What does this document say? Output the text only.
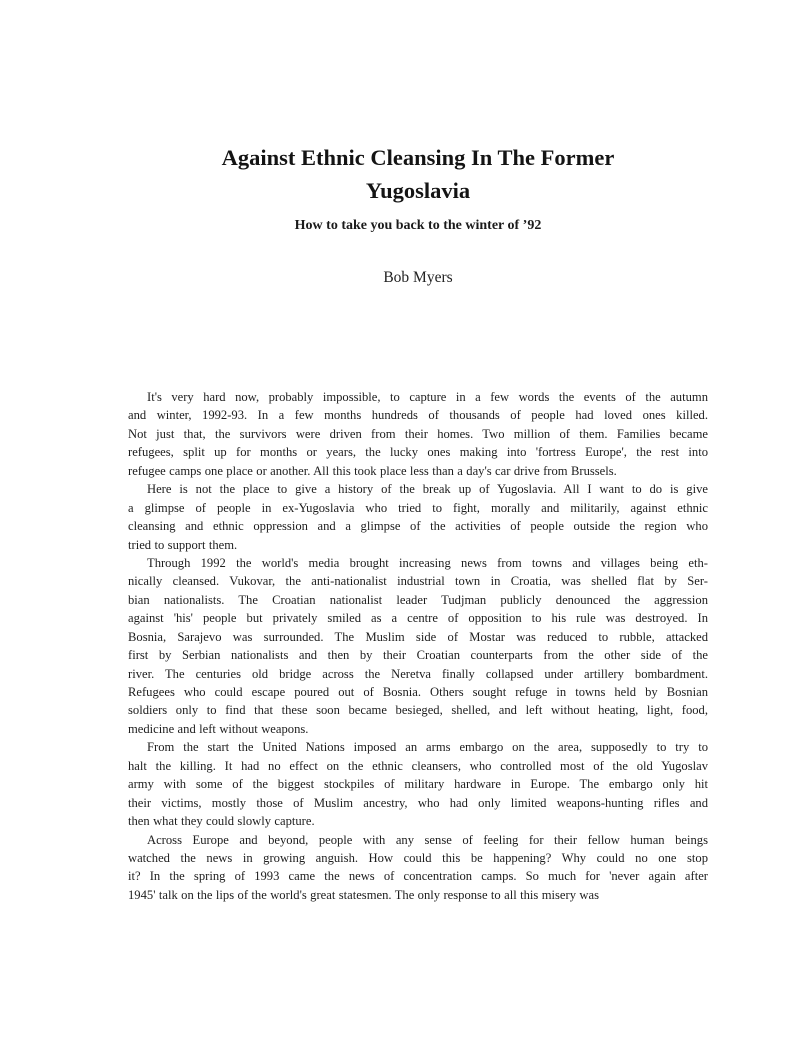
Against Ethnic Cleansing In The Former
Yugoslavia
How to take you back to the winter of ’92
Bob Myers
It's very hard now, probably impossible, to capture in a few words the events of the autumn
and winter, 1992-93. In a few months hundreds of thousands of people had loved ones killed.
Not just that, the survivors were driven from their homes. Two million of them. Families became
refugees, split up for months or years, the lucky ones making into 'fortress Europe', the rest into
refugee camps one place or another. All this took place less than a day's car drive from Brussels.
Here is not the place to give a history of the break up of Yugoslavia. All I want to do is give
a glimpse of people in ex-Yugoslavia who tried to fight, morally and militarily, against ethnic
cleansing and ethnic oppression and a glimpse of the activities of people outside the region who
tried to support them.
Through 1992 the world's media brought increasing news from towns and villages being eth-
nically cleansed. Vukovar, the anti-nationalist industrial town in Croatia, was shelled flat by Ser-
bian nationalists. The Croatian nationalist leader Tudjman publicly denounced the aggression
against 'his' people but privately smiled as a centre of opposition to his rule was destroyed. In
Bosnia, Sarajevo was surrounded. The Muslim side of Mostar was reduced to rubble, attacked
first by Serbian nationalists and then by their Croatian counterparts from the other side of the
river. The centuries old bridge across the Neretva finally collapsed under artillery bombardment.
Refugees who could escape poured out of Bosnia. Others sought refuge in towns held by Bosnian
soldiers only to find that these soon became besieged, shelled, and left without heating, light, food,
medicine and left without weapons.
From the start the United Nations imposed an arms embargo on the area, supposedly to try to
halt the killing. It had no effect on the ethnic cleansers, who controlled most of the old Yugoslav
army with some of the biggest stockpiles of military hardware in Europe. The embargo only hit
their victims, mostly those of Muslim ancestry, who had only limited weapons-hunting rifles and
then what they could slowly capture.
Across Europe and beyond, people with any sense of feeling for their fellow human beings
watched the news in growing anguish. How could this be happening? Why could no one stop
it? In the spring of 1993 came the news of concentration camps. So much for 'never again after
1945' talk on the lips of the world's great statesmen. The only response to all this misery was
